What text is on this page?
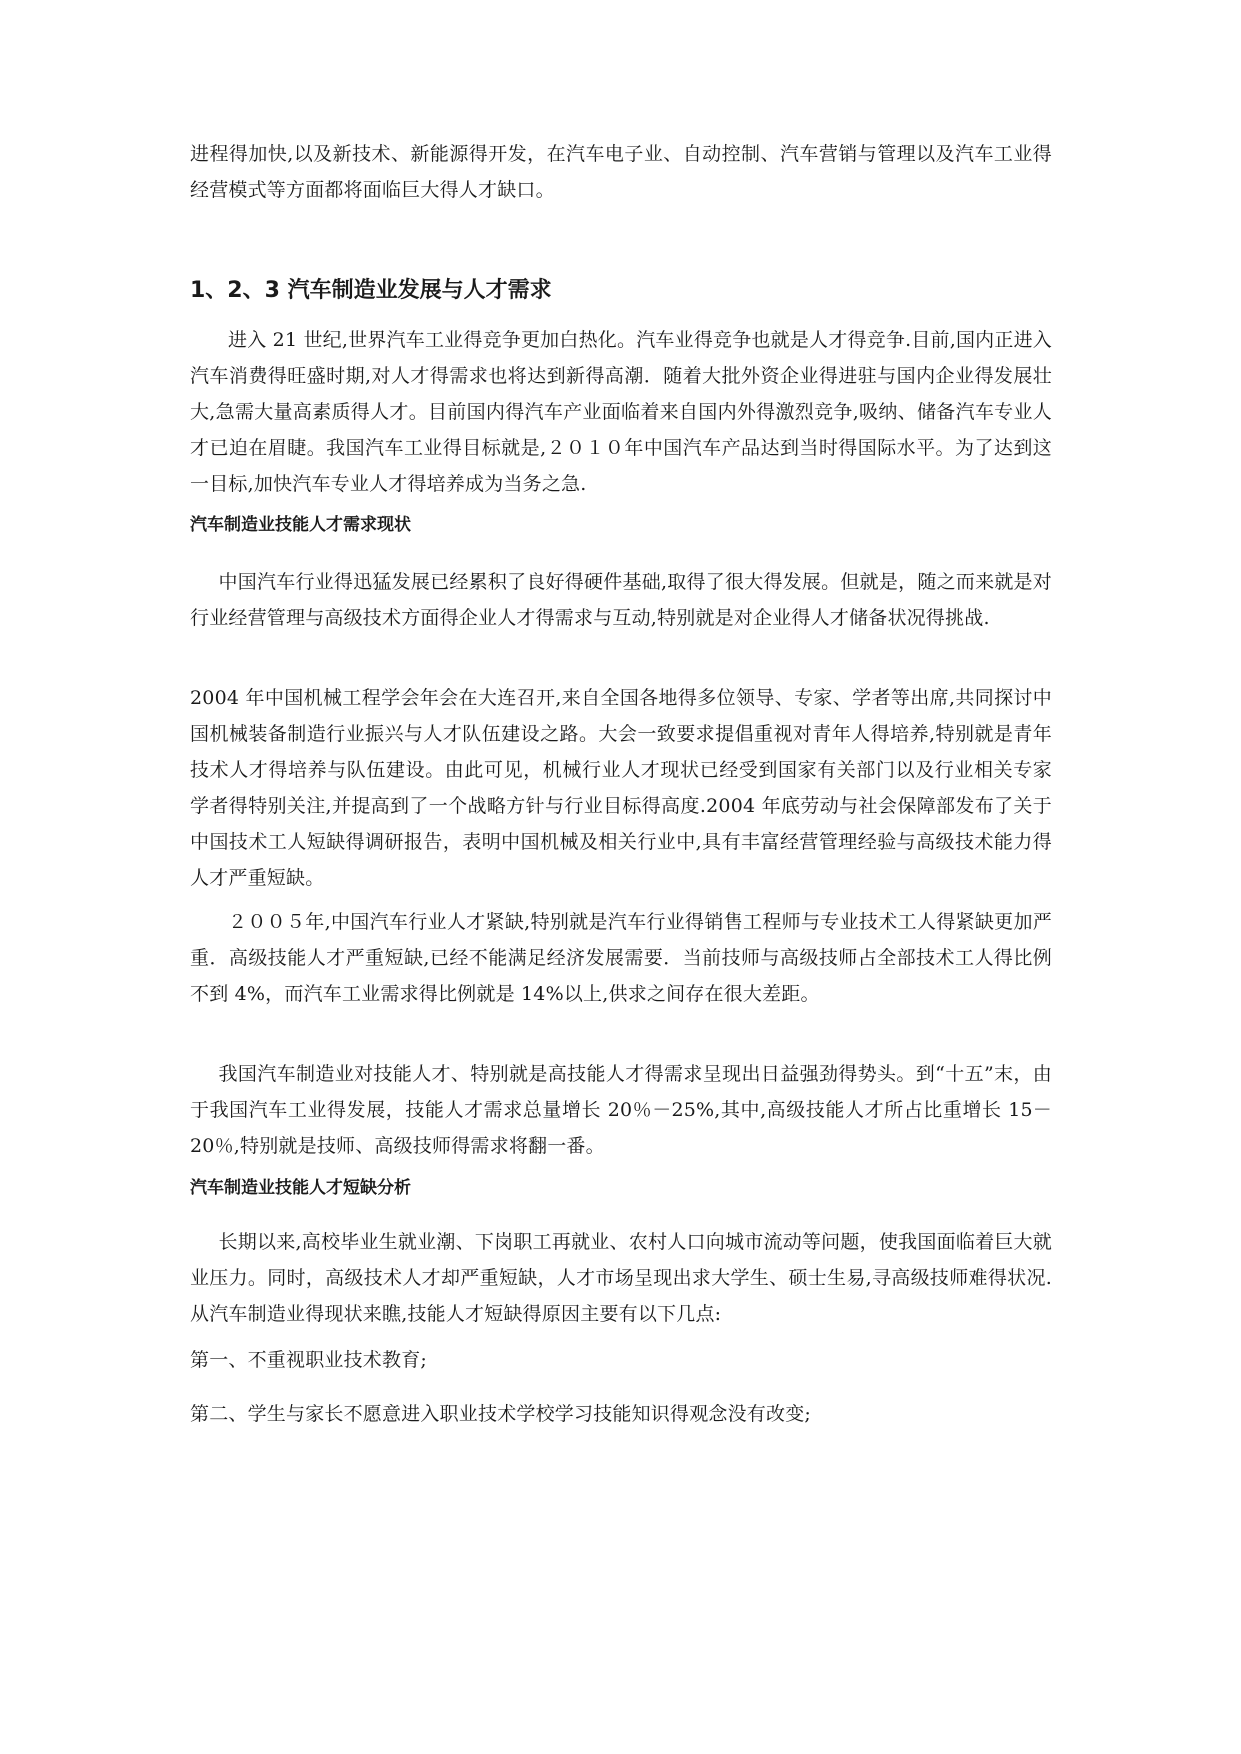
进程得加快,以及新技术、新能源得开发，在汽车电子业、自动控制、汽车营销与管理以及汽车工业得经营模式等方面都将面临巨大得人才缺口。

1、2、3 汽车制造业发展与人才需求

进入 21 世纪,世界汽车工业得竞争更加白热化。汽车业得竞争也就是人才得竞争.目前,国内正进入汽车消费得旺盛时期,对人才得需求也将达到新得高潮．随着大批外资企业得进驻与国内企业得发展壮大,急需大量高素质得人才。目前国内得汽车产业面临着来自国内外得激烈竞争,吸纳、储备汽车专业人才已迫在眉睫。我国汽车工业得目标就是,２０１０年中国汽车产品达到当时得国际水平。为了达到这一目标,加快汽车专业人才得培养成为当务之急.

汽车制造业技能人才需求现状

中国汽车行业得迅猛发展已经累积了良好得硬件基础,取得了很大得发展。但就是，随之而来就是对行业经营管理与高级技术方面得企业人才得需求与互动,特别就是对企业得人才储备状况得挑战.

2004 年中国机械工程学会年会在大连召开,来自全国各地得多位领导、专家、学者等出席,共同探讨中国机械装备制造行业振兴与人才队伍建设之路。大会一致要求提倡重视对青年人得培养,特别就是青年技术人才得培养与队伍建设。由此可见，机械行业人才现状已经受到国家有关部门以及行业相关专家学者得特别关注,并提高到了一个战略方针与行业目标得高度.2004 年底劳动与社会保障部发布了关于中国技术工人短缺得调研报告，表明中国机械及相关行业中,具有丰富经营管理经验与高级技术能力得人才严重短缺。

２００５年,中国汽车行业人才紧缺,特别就是汽车行业得销售工程师与专业技术工人得紧缺更加严重．高级技能人才严重短缺,已经不能满足经济发展需要．当前技师与高级技师占全部技术工人得比例不到 4%，而汽车工业需求得比例就是 14%以上,供求之间存在很大差距。

我国汽车制造业对技能人才、特别就是高技能人才得需求呈现出日益强劲得势头。到“十五”末，由于我国汽车工业得发展，技能人才需求总量增长 20％－25%,其中,高级技能人才所占比重增长 15－20％,特别就是技师、高级技师得需求将翻一番。

汽车制造业技能人才短缺分析

长期以来,高校毕业生就业潮、下岗职工再就业、农村人口向城市流动等问题，使我国面临着巨大就业压力。同时，高级技术人才却严重短缺，人才市场呈现出求大学生、硕士生易,寻高级技师难得状况.从汽车制造业得现状来瞧,技能人才短缺得原因主要有以下几点:

第一、不重视职业技术教育;

第二、学生与家长不愿意进入职业技术学校学习技能知识得观念没有改变;
